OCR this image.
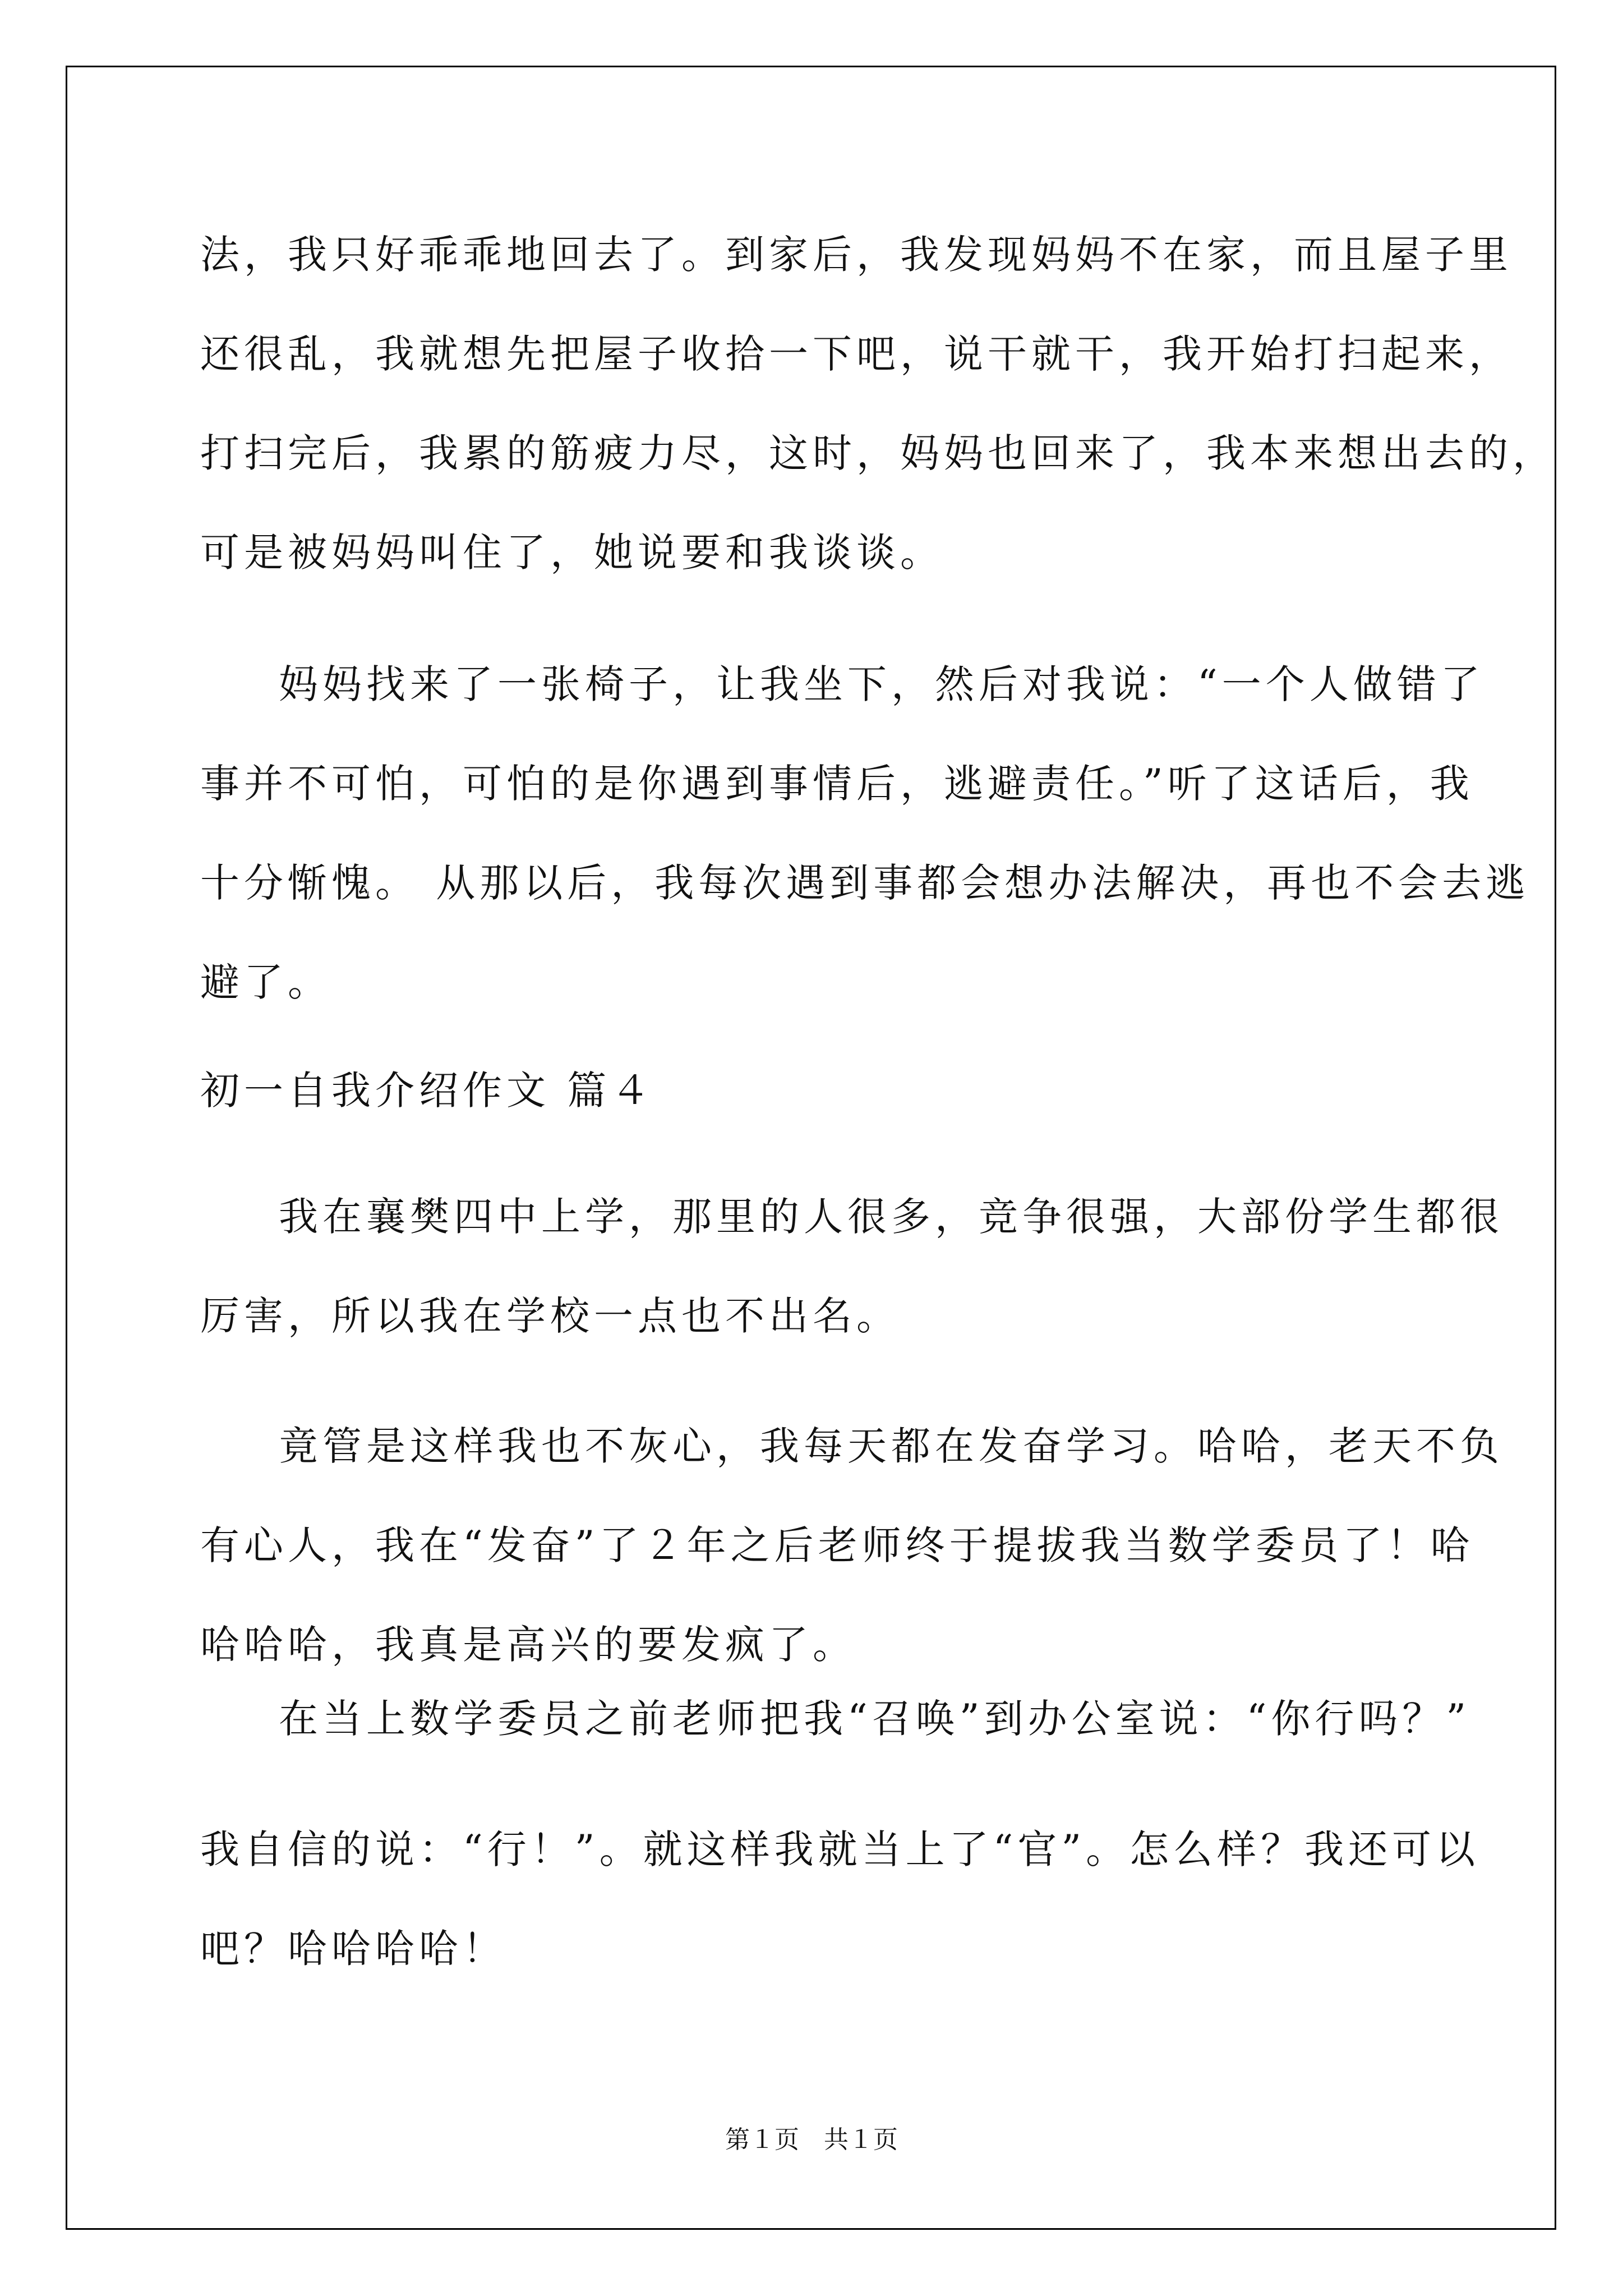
法，我只好乖乖地回去了。到家后，我发现妈妈不在家，而且屋子里
还很乱，我就想先把屋子收拾一下吧，说干就干，我开始打扫起来，
打扫完后，我累的筋疲力尽，这时，妈妈也回来了，我本来想出去的，
可是被妈妈叫住了，她说要和我谈谈。
妈妈找来了一张椅子，让我坐下，然后对我说：“一个人做错了
事并不可怕，可怕的是你遇到事情后，逃避责任。”听了这话后，我
十分惭愧。 从那以后，我每次遇到事都会想办法解决，再也不会去逃
避了。
初一自我介绍作文 篇４
我在襄樊四中上学，那里的人很多，竞争很强，大部份学生都很
厉害，所以我在学校一点也不出名。
竟管是这样我也不灰心，我每天都在发奋学习。哈哈，老天不负
有心人，我在“发奋”了２年之后老师终于提拔我当数学委员了！哈
哈哈哈，我真是高兴的要发疯了。
在当上数学委员之前老师把我“召唤”到办公室说：“你行吗？”
我自信的说：“行！”。就这样我就当上了“官”。怎么样？我还可以
吧？哈哈哈哈！
第１页　共１页
